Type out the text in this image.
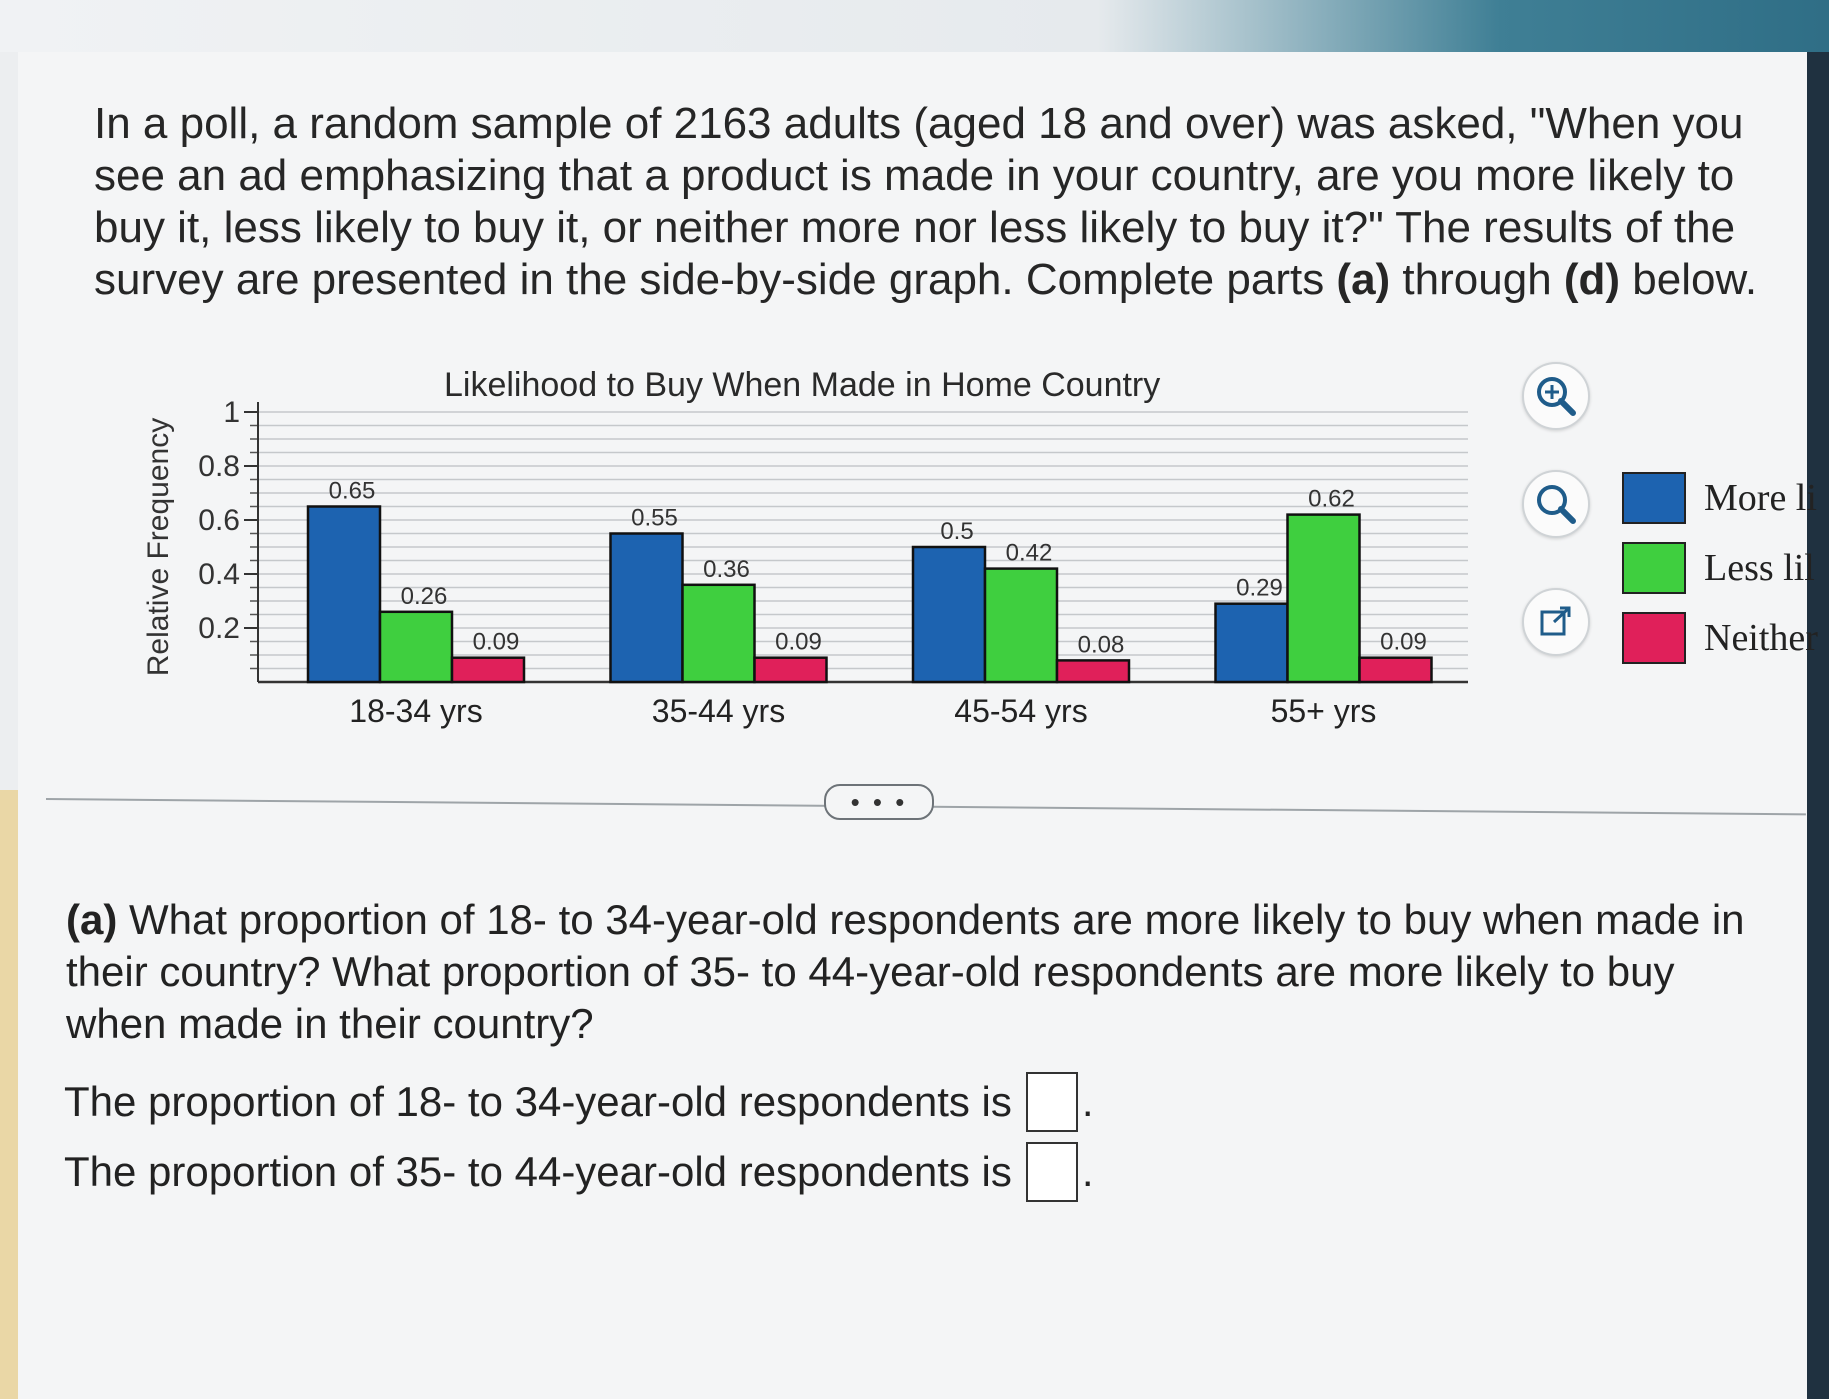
In a poll, a random sample of 2163 adults (aged 18 and over) was asked, "When you see an ad emphasizing that a product is made in your country, are you more likely to buy it, less likely to buy it, or neither more nor less likely to buy it?" The results of the survey are presented in the side-by-side graph. Complete parts (a) through (d) below.

Likelihood to Buy When Made in Home Country
Relative Frequency 0.2
0.4
0.6
0.8
1
0.65
0.26
0.09
18-34 yrs
0.55
0.36
0.09
35-44 yrs
0.5
0.42
0.08
45-54 yrs
0.29
0.62
0.09
55+ yrs
More li
Less lil
Neither
• • •

(a) What proportion of 18- to 34-year-old respondents are more likely to buy when made in their country? What proportion of 35- to 44-year-old respondents are more likely to buy when made in their country?

The proportion of 18- to 34-year-old respondents is .
The proportion of 35- to 44-year-old respondents is .
